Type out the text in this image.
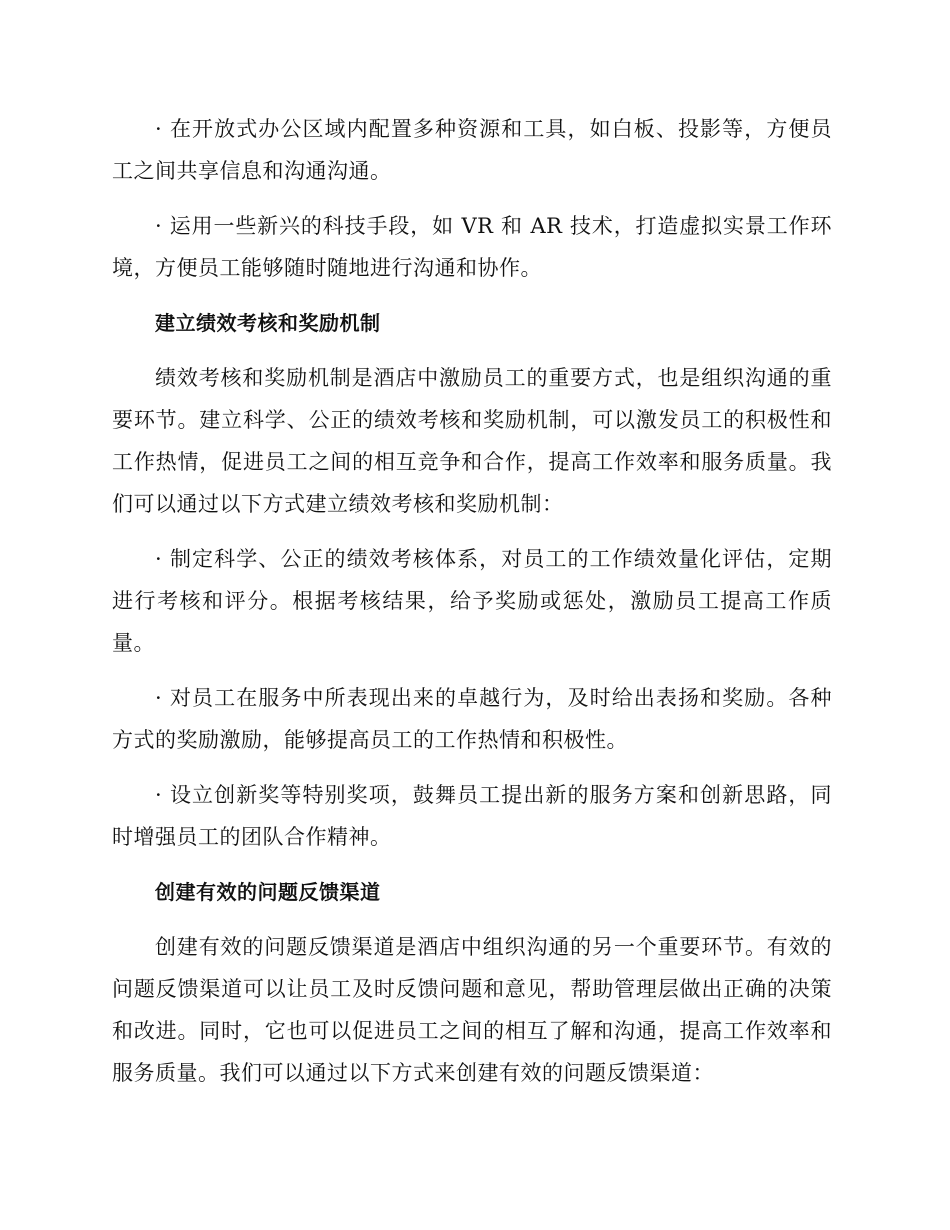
· 在开放式办公区域内配置多种资源和工具，如白板、投影等，方便员工之间共享信息和沟通沟通。

· 运用一些新兴的科技手段，如 VR 和 AR 技术，打造虚拟实景工作环境，方便员工能够随时随地进行沟通和协作。

建立绩效考核和奖励机制

绩效考核和奖励机制是酒店中激励员工的重要方式，也是组织沟通的重要环节。建立科学、公正的绩效考核和奖励机制，可以激发员工的积极性和工作热情，促进员工之间的相互竞争和合作，提高工作效率和服务质量。我们可以通过以下方式建立绩效考核和奖励机制：

· 制定科学、公正的绩效考核体系，对员工的工作绩效量化评估，定期进行考核和评分。根据考核结果，给予奖励或惩处，激励员工提高工作质量。

· 对员工在服务中所表现出来的卓越行为，及时给出表扬和奖励。各种方式的奖励激励，能够提高员工的工作热情和积极性。

· 设立创新奖等特别奖项，鼓舞员工提出新的服务方案和创新思路，同时增强员工的团队合作精神。

创建有效的问题反馈渠道

创建有效的问题反馈渠道是酒店中组织沟通的另一个重要环节。有效的问题反馈渠道可以让员工及时反馈问题和意见，帮助管理层做出正确的决策和改进。同时，它也可以促进员工之间的相互了解和沟通，提高工作效率和服务质量。我们可以通过以下方式来创建有效的问题反馈渠道：
